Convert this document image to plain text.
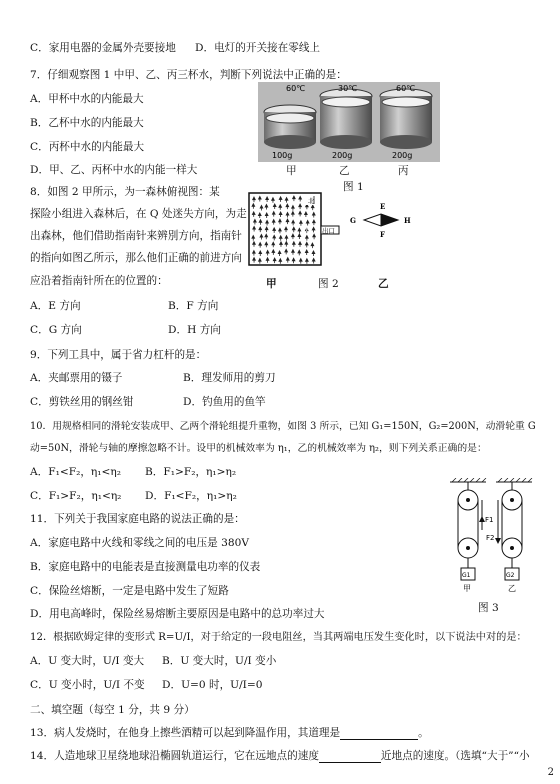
C．家用电器的金属外壳要接地 D．电灯的开关接在零线上
7．仔细观察图 1 中甲、乙、丙三杯水，判断下列说法中正确的是：
A．甲杯中水的内能最大
B．乙杯中水的内能最大
C．丙杯中水的内能最大
D．甲、乙、丙杯中水的内能一样大
60℃	30℃	60℃
100g	200g	200g
甲	乙	丙
图 1
8．如图 2 甲所示，为一森林俯视图：某
探险小组进入森林后，在 Q 处迷失方向，为走
出森林，他们借助指南针来辨別方向，指南针
的指向如图乙所示，那么他们正确的前进方向
应沿着指南针所在的位置的：
A．E 方向	B．F 方向
C．G 方向	D．H 方向
出口
北
Q
E
F
G	H
甲	图 2	乙
9．下列工具中，属于省力杠杆的是：
A．夹邮票用的镊子	B．理发师用的剪刀
C．剪铁丝用的钢丝钳	D．钓鱼用的鱼竿
10．用规格相同的滑轮安装成甲、乙两个滑轮组提升重物，如图 3 所示，已知 G₁=150N，G₂=200N，动滑轮重 G
动=50N，滑轮与轴的摩擦忽略不计。设甲的机械效率为 η₁，乙的机械效率为 η₂，则下列关系正确的是：
A．F₁<F₂，η₁<η₂ B．F₁>F₂，η₁>η₂
C．F₁>F₂，η₁<η₂ D．F₁<F₂，η₁>η₂
11．下列关于我国家庭电路的说法正确的是：
A．家庭电路中火线和零线之间的电压是 380V
B．家庭电路中的电能表是直接测量电功率的仪表
C．保险丝熔断，一定是电路中发生了短路
D．用电高峰时，保险丝易熔断主要原因是电路中的总功率过大
F1
F2
G1	G2
甲	乙
图 3
12．根据欧姆定律的变形式 R=U/I，对于给定的一段电阻丝，当其两端电压发生变化时，以下说法中对的是：
A．U 变大时，U/I 变大 B．U 变大时，U/I 变小
C．U 变小时，U/I 不变 D．U=0 时，U/I=0
二、填空题（每空 1 分，共 9 分）
13．病人发烧时，在他身上擦些酒精可以起到降温作用，其道理是	。
14．人造地球卫星绕地球沿椭圆轨道运行，它在远地点的速度	近地点的速度。（选填“大于”“小
2
